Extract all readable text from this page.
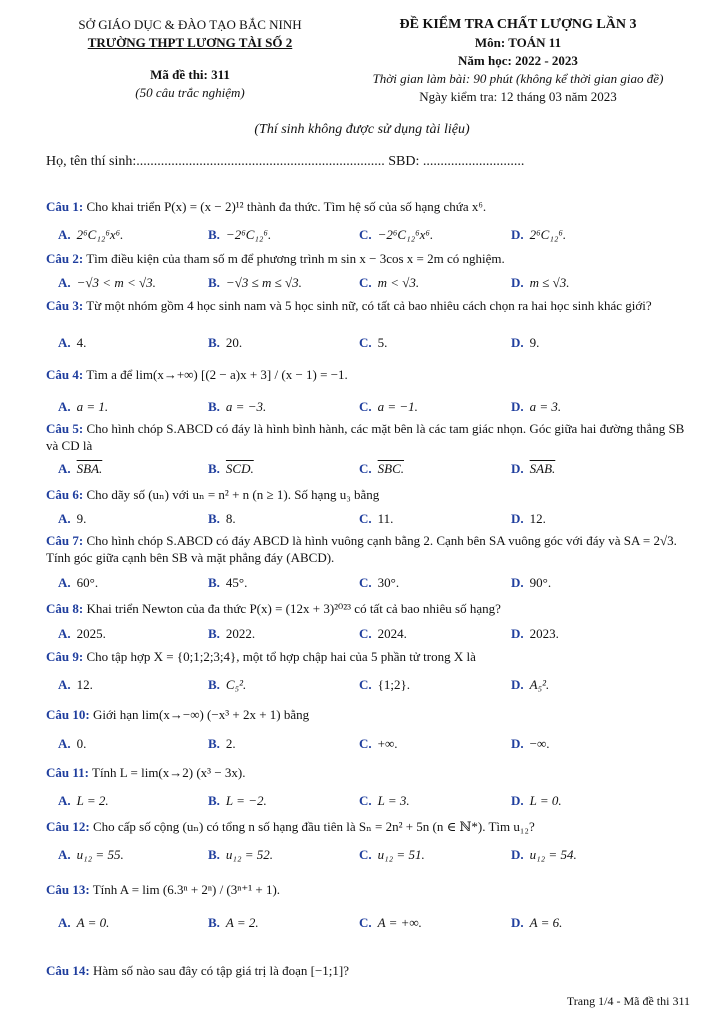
SỞ GIÁO DỤC & ĐÀO TẠO BẮC NINH
TRƯỜNG THPT LƯƠNG TÀI SỐ 2
Mã đề thi: 311
(50 câu trắc nghiệm)
ĐỀ KIỂM TRA CHẤT LƯỢNG LẦN 3
Môn: TOÁN 11
Năm học: 2022 - 2023
Thời gian làm bài: 90 phút (không kể thời gian giao đề)
Ngày kiểm tra: 12 tháng 03 năm 2023
(Thí sinh không được sử dụng tài liệu)
Họ, tên thí sinh:....................................................................... SBD: .............................
Câu 1: Cho khai triển P(x) = (x − 2)¹² thành đa thức. Tìm hệ số của số hạng chứa x⁶.
A. 2⁶C₁₂⁶x⁶.	B. −2⁶C₁₂⁶.	C. −2⁶C₁₂⁶x⁶.	D. 2⁶C₁₂⁶.
Câu 2: Tìm điều kiện của tham số m để phương trình m sin x − 3cos x = 2m có nghiệm.
A. −√3 < m < √3.	B. −√3 ≤ m ≤ √3.	C. m < √3.	D. m ≤ √3.
Câu 3: Từ một nhóm gồm 4 học sinh nam và 5 học sinh nữ, có tất cả bao nhiêu cách chọn ra hai học sinh khác giới?
A. 4.	B. 20.	C. 5.	D. 9.
Câu 4: Tìm a để lim(x→+∞) [(2 − a)x + 3] / (x − 1) = −1.
A. a = 1.	B. a = −3.	C. a = −1.	D. a = 3.
Câu 5: Cho hình chóp S.ABCD có đáy là hình bình hành, các mặt bên là các tam giác nhọn. Góc giữa hai đường thẳng SB và CD là
A. SBA.	B. SCD.	C. SBC.	D. SAB.
Câu 6: Cho dãy số (uₙ) với uₙ = n² + n (n ≥ 1). Số hạng u₃ bằng
A. 9.	B. 8.	C. 11.	D. 12.
Câu 7: Cho hình chóp S.ABCD có đáy ABCD là hình vuông cạnh bằng 2. Cạnh bên SA vuông góc với đáy và SA = 2√3. Tính góc giữa cạnh bên SB và mặt phẳng đáy (ABCD).
A. 60°.	B. 45°.	C. 30°.	D. 90°.
Câu 8: Khai triển Newton của đa thức P(x) = (12x + 3)²⁰²³ có tất cả bao nhiêu số hạng?
A. 2025.	B. 2022.	C. 2024.	D. 2023.
Câu 9: Cho tập hợp X = {0;1;2;3;4}, một tổ hợp chập hai của 5 phần tử trong X là
A. 12.	B. C₅².	C. {1;2}.	D. A₅².
Câu 10: Giới hạn lim(x→−∞) (−x³ + 2x + 1) bằng
A. 0.	B. 2.	C. +∞.	D. −∞.
Câu 11: Tính L = lim(x→2) (x³ − 3x).
A. L = 2.	B. L = −2.	C. L = 3.	D. L = 0.
Câu 12: Cho cấp số cộng (uₙ) có tổng n số hạng đầu tiên là Sₙ = 2n² + 5n (n ∈ ℕ*). Tìm u₁₂?
A. u₁₂ = 55.	B. u₁₂ = 52.	C. u₁₂ = 51.	D. u₁₂ = 54.
Câu 13: Tính A = lim (6.3ⁿ + 2ⁿ) / (3ⁿ⁺¹ + 1).
A. A = 0.	B. A = 2.	C. A = +∞.	D. A = 6.
Câu 14: Hàm số nào sau đây có tập giá trị là đoạn [−1;1]?
Trang 1/4 - Mã đề thi 311
